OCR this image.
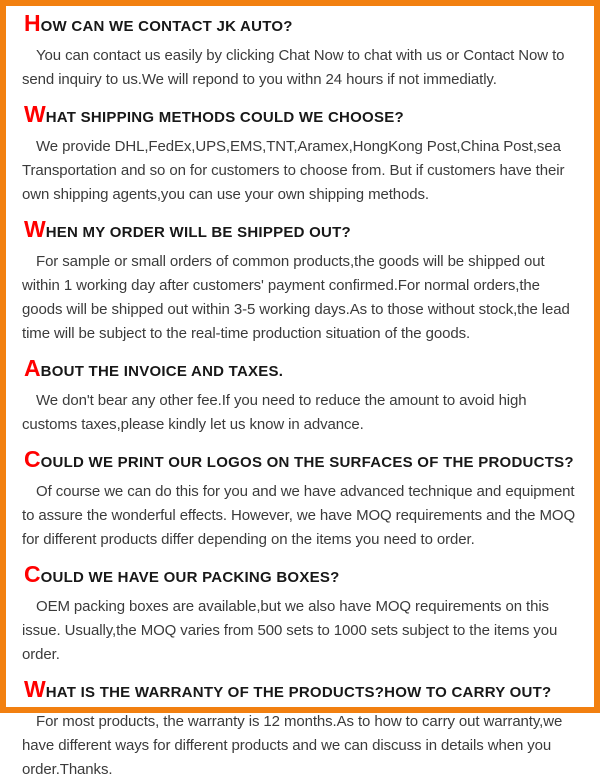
HOW CAN WE CONTACT JK AUTO?

You can contact us easily by clicking Chat Now to chat with us or Contact Now to send inquiry to us.We will repond to you withn 24 hours if not immediatly.

WHAT SHIPPING METHODS COULD WE CHOOSE?

We provide DHL,FedEx,UPS,EMS,TNT,Aramex,HongKong Post,China Post,sea Transportation and so on for customers to choose from. But if customers have their own shipping agents,you can use your own shipping methods.

WHEN MY ORDER WILL BE SHIPPED OUT?

For sample or small orders of common products,the goods will be shipped out within 1 working day after customers' payment confirmed.For normal orders,the goods will be shipped out within 3-5 working days.As to those without stock,the lead time will be subject to the real-time production situation of the goods.

ABOUT THE INVOICE AND TAXES.

We don't bear any other fee.If you need to reduce the amount to avoid high customs taxes,please kindly let us know in advance.

COULD WE PRINT OUR LOGOS ON THE SURFACES OF THE PRODUCTS?

Of course we can do this for you and we have advanced technique and equipment to assure the wonderful effects. However, we have MOQ requirements and the MOQ for different products differ depending on the items you need to order.

COULD WE HAVE OUR PACKING BOXES?

OEM packing boxes are available,but we also have MOQ requirements on this issue. Usually,the MOQ varies from 500 sets to 1000 sets subject to the items you order.

WHAT IS THE WARRANTY OF THE PRODUCTS?HOW TO CARRY OUT?

For most products, the warranty is 12 months.As to how to carry out warranty,we have different ways for different products and we can discuss in details when you order.Thanks.
